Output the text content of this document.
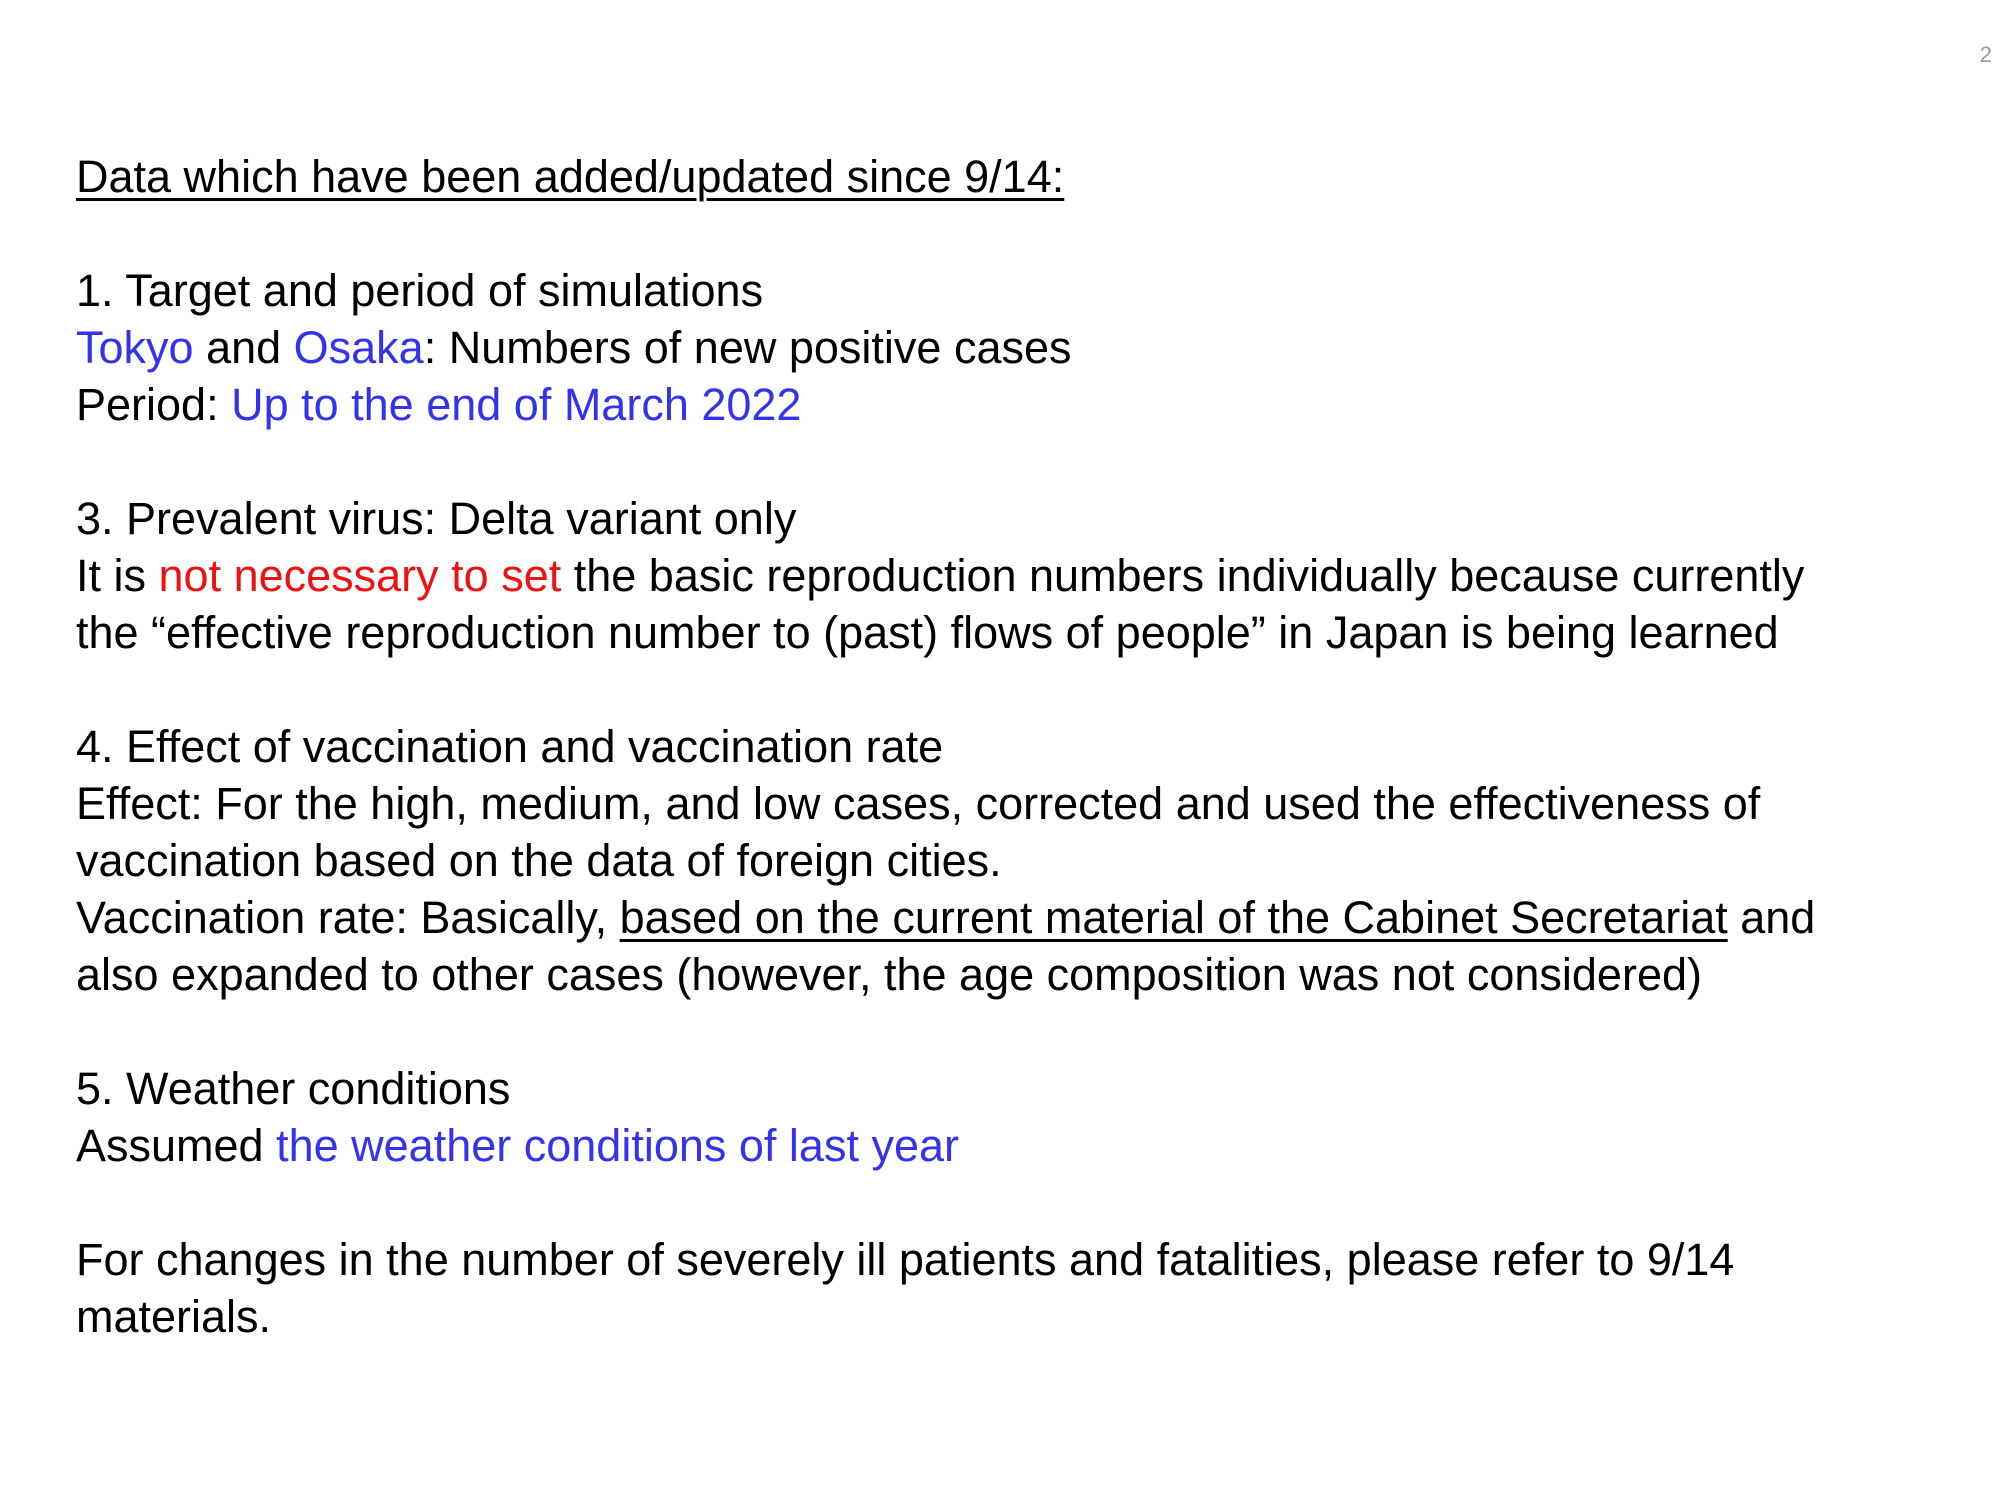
2
Data which have been added/updated since 9/14:
1. Target and period of simulations
Tokyo and Osaka: Numbers of new positive cases
Period: Up to the end of March 2022
3. Prevalent virus: Delta variant only
It is not necessary to set the basic reproduction numbers individually because currently
the “effective reproduction number to (past) flows of people” in Japan is being learned
4. Effect of vaccination and vaccination rate
Effect: For the high, medium, and low cases, corrected and used the effectiveness of
vaccination based on the data of foreign cities.
Vaccination rate: Basically, based on the current material of the Cabinet Secretariat and
also expanded to other cases (however, the age composition was not considered)
5. Weather conditions
Assumed the weather conditions of last year
For changes in the number of severely ill patients and fatalities, please refer to 9/14
materials.
